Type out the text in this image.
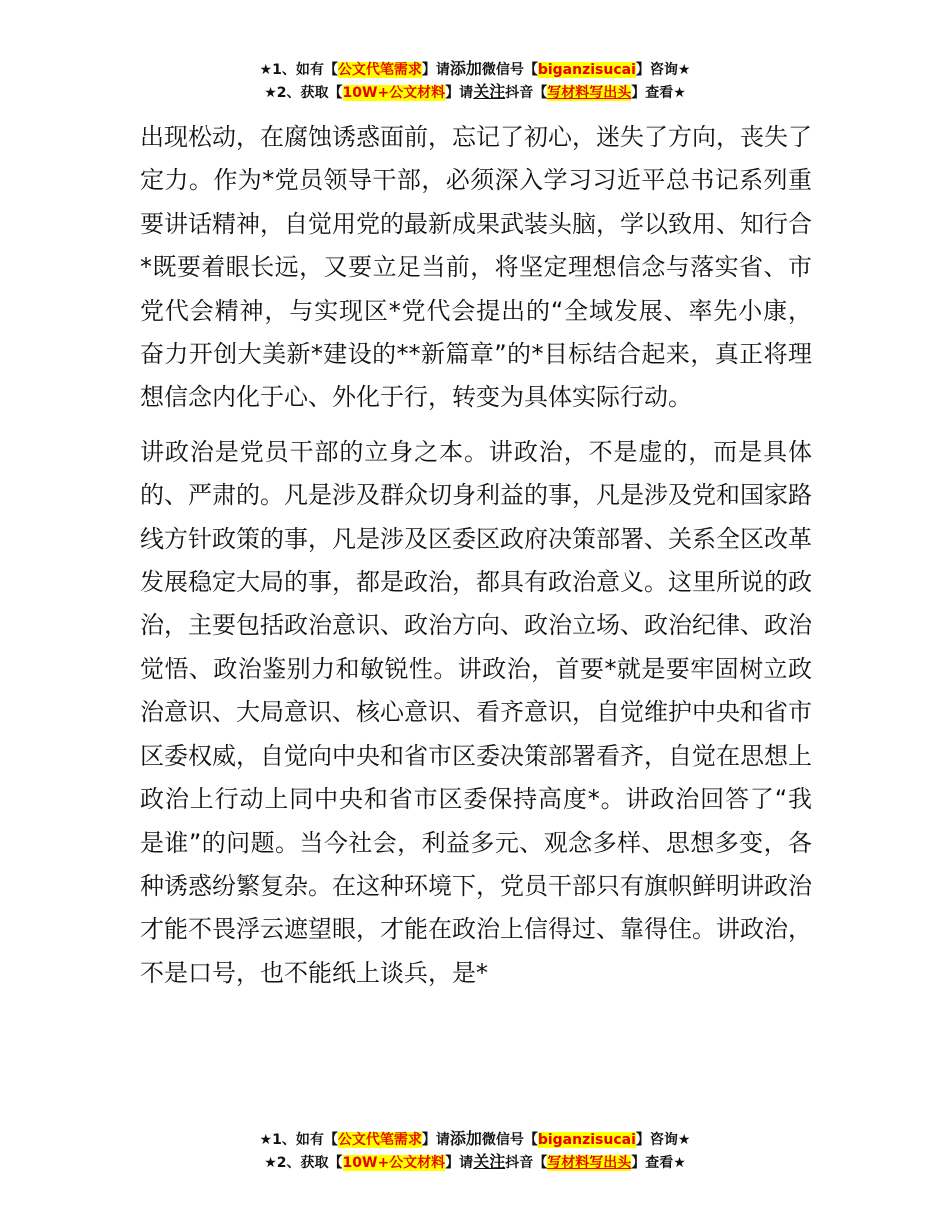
★1、如有【公文代笔需求】请添加微信号【biganzisucai】咨询★
★2、获取【10W+公文材料】请关注抖音【写材料写出头】查看★

出现松动，在腐蚀诱惑面前，忘记了初心，迷失了方向，丧失了定力。作为*党员领导干部，必须深入学习习近平总书记系列重要讲话精神，自觉用党的最新成果武装头脑，学以致用、知行合*既要着眼长远，又要立足当前，将坚定理想信念与落实省、市党代会精神，与实现区*党代会提出的“全域发展、率先小康，奋力开创大美新*建设的**新篇章”的*目标结合起来，真正将理想信念内化于心、外化于行，转变为具体实际行动。

讲政治是党员干部的立身之本。讲政治，不是虚的，而是具体的、严肃的。凡是涉及群众切身利益的事，凡是涉及党和国家路线方针政策的事，凡是涉及区委区政府决策部署、关系全区改革发展稳定大局的事，都是政治，都具有政治意义。这里所说的政治，主要包括政治意识、政治方向、政治立场、政治纪律、政治觉悟、政治鉴别力和敏锐性。讲政治，首要*就是要牢固树立政治意识、大局意识、核心意识、看齐意识，自觉维护中央和省市区委权威，自觉向中央和省市区委决策部署看齐，自觉在思想上政治上行动上同中央和省市区委保持高度*。讲政治回答了“我是谁”的问题。当今社会，利益多元、观念多样、思想多变，各种诱惑纷繁复杂。在这种环境下，党员干部只有旗帜鲜明讲政治才能不畏浮云遮望眼，才能在政治上信得过、靠得住。讲政治，不是口号，也不能纸上谈兵，是*

★1、如有【公文代笔需求】请添加微信号【biganzisucai】咨询★
★2、获取【10W+公文材料】请关注抖音【写材料写出头】查看★
